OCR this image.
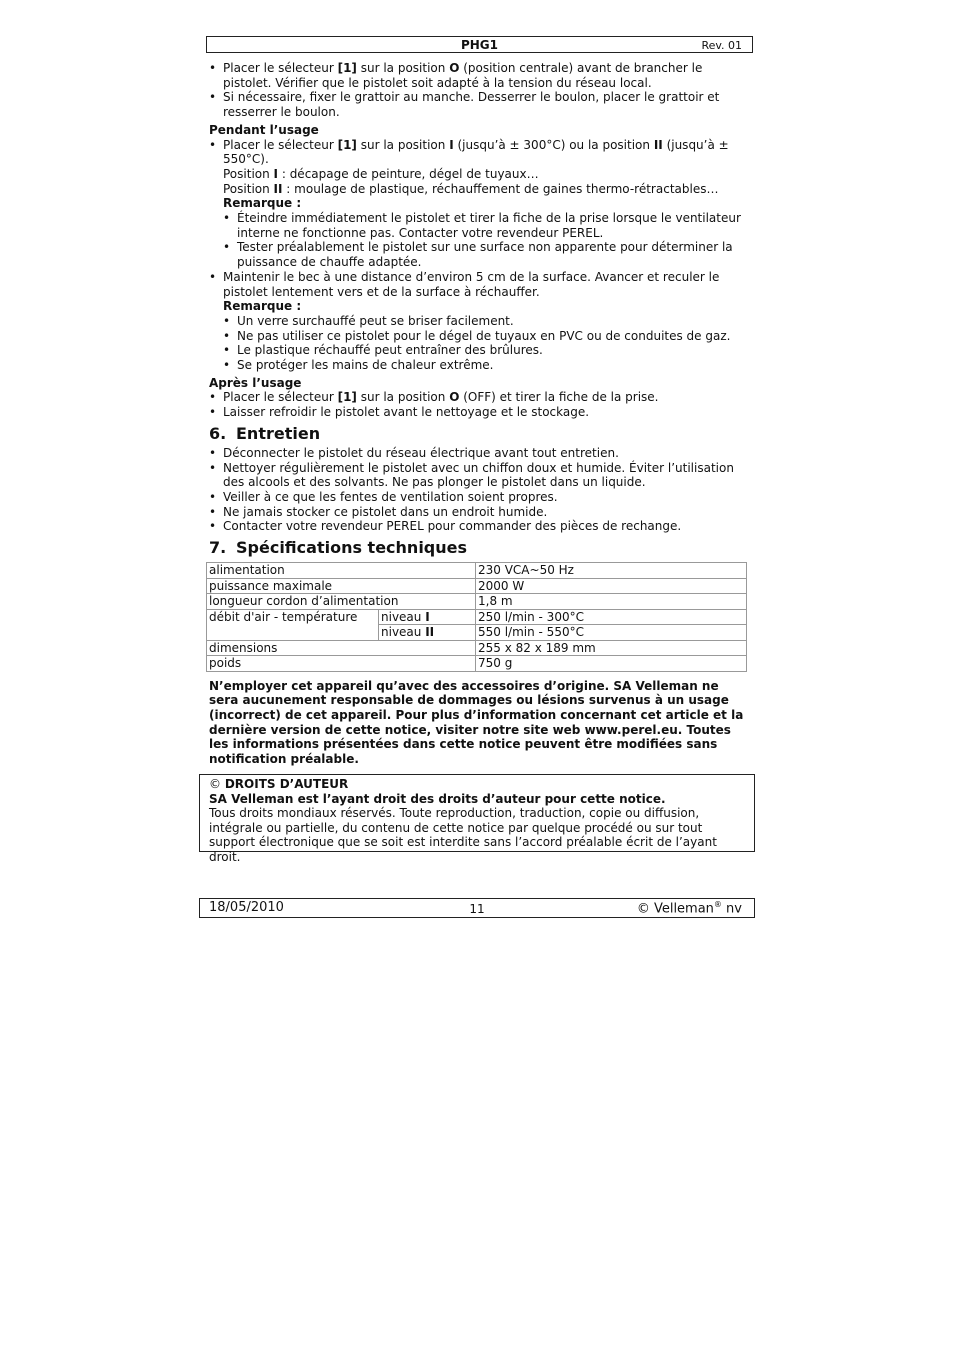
PHG1	Rev. 01
• Placer le sélecteur [1] sur la position O (position centrale) avant de brancher le pistolet. Vérifier que le pistolet soit adapté à la tension du réseau local.
• Si nécessaire, fixer le grattoir au manche. Desserrer le boulon, placer le grattoir et resserrer le boulon.
Pendant l’usage
• Placer le sélecteur [1] sur la position I (jusqu’à ± 300°C) ou la position II (jusqu’à ± 550°C).
Position I : décapage de peinture, dégel de tuyaux…
Position II : moulage de plastique, réchauffement de gaines thermo-rétractables…
Remarque :
• Éteindre immédiatement le pistolet et tirer la fiche de la prise lorsque le ventilateur interne ne fonctionne pas. Contacter votre revendeur PEREL.
• Tester préalablement le pistolet sur une surface non apparente pour déterminer la puissance de chauffe adaptée.
• Maintenir le bec à une distance d’environ 5 cm de la surface. Avancer et reculer le pistolet lentement vers et de la surface à réchauffer.
Remarque :
• Un verre surchauffé peut se briser facilement.
• Ne pas utiliser ce pistolet pour le dégel de tuyaux en PVC ou de conduites de gaz.
• Le plastique réchauffé peut entraîner des brûlures.
• Se protéger les mains de chaleur extrême.
Après l’usage
• Placer le sélecteur [1] sur la position O (OFF) et tirer la fiche de la prise.
• Laisser refroidir le pistolet avant le nettoyage et le stockage.
6. Entretien
• Déconnecter le pistolet du réseau électrique avant tout entretien.
• Nettoyer régulièrement le pistolet avec un chiffon doux et humide. Éviter l’utilisation des alcools et des solvants. Ne pas plonger le pistolet dans un liquide.
• Veiller à ce que les fentes de ventilation soient propres.
• Ne jamais stocker ce pistolet dans un endroit humide.
• Contacter votre revendeur PEREL pour commander des pièces de rechange.
7. Spécifications techniques
alimentation		230 VCA~50 Hz
puissance maximale		2000 W
longueur cordon d’alimentation		1,8 m
débit d'air - température	niveau I	250 l/min - 300°C
	niveau II	550 l/min - 550°C
dimensions		255 x 82 x 189 mm
poids		750 g
N’employer cet appareil qu’avec des accessoires d’origine. SA Velleman ne sera aucunement responsable de dommages ou lésions survenus à un usage (incorrect) de cet appareil. Pour plus d’information concernant cet article et la dernière version de cette notice, visiter notre site web www.perel.eu. Toutes les informations présentées dans cette notice peuvent être modifiées sans notification préalable.
© DROITS D’AUTEUR
SA Velleman est l’ayant droit des droits d’auteur pour cette notice.
Tous droits mondiaux réservés. Toute reproduction, traduction, copie ou diffusion, intégrale ou partielle, du contenu de cette notice par quelque procédé ou sur tout support électronique que se soit est interdite sans l’accord préalable écrit de l’ayant droit.
18/05/2010	11	© Velleman® nv
